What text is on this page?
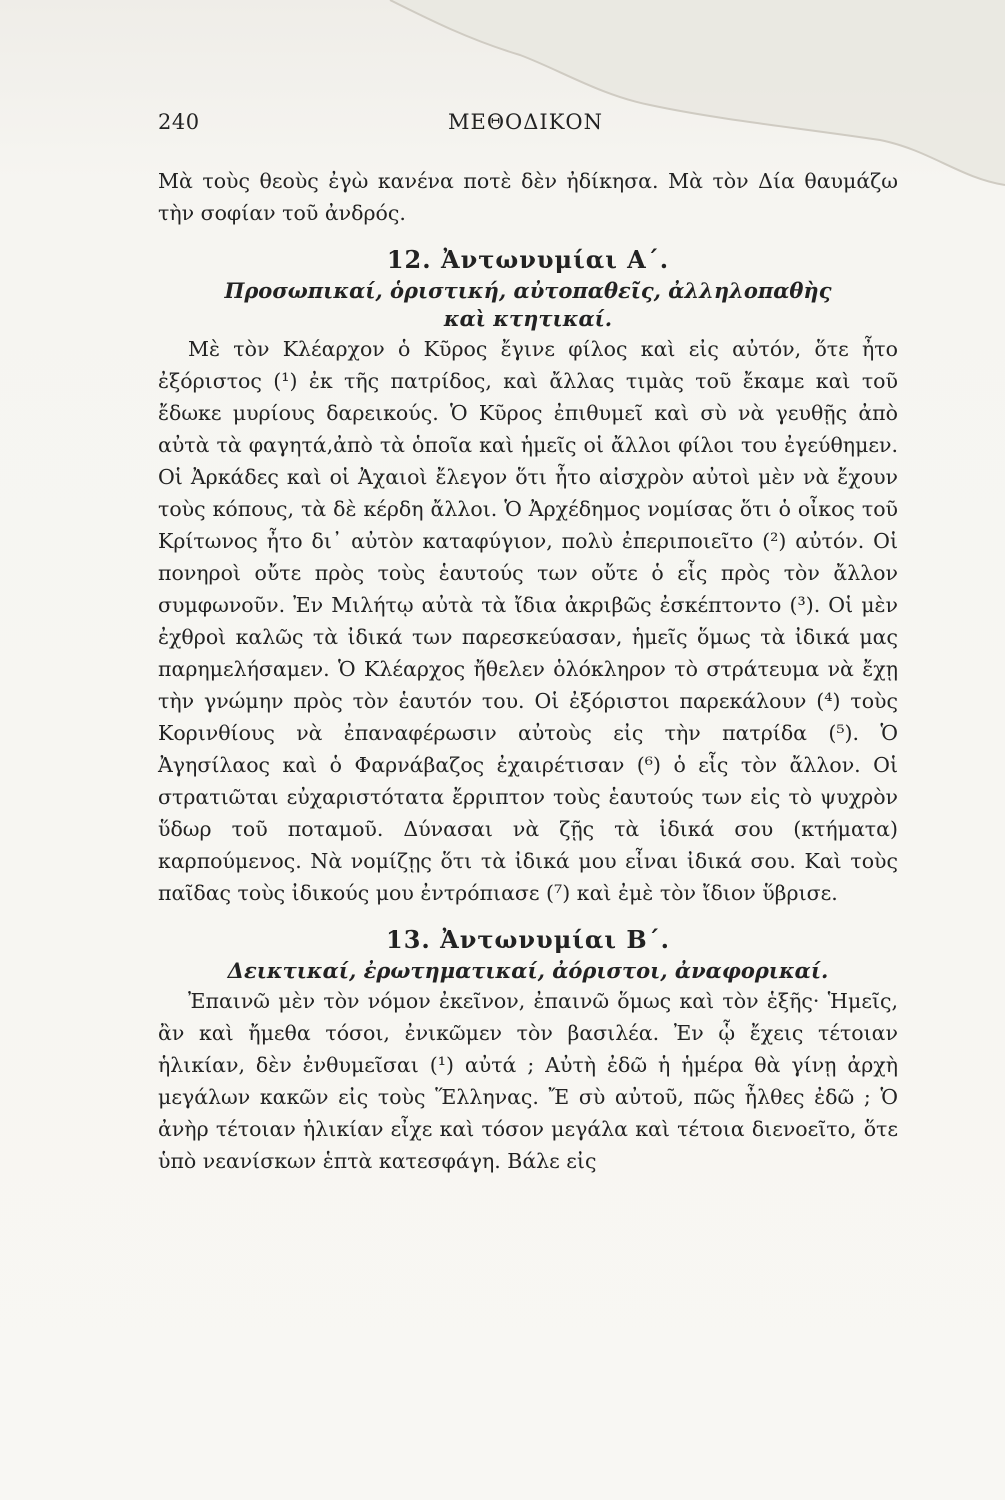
240	ΜΕΘΟΔΙΚΟΝ

Μὰ τοὺς θεοὺς ἐγὼ κανένα ποτὲ δὲν ἠδίκησα. Μὰ τὸν Δία θαυμάζω τὴν σοφίαν τοῦ ἀνδρός.

12. Ἀντωνυμίαι Α΄.
Προσωπικαί, ὁριστική, αὐτοπαθεῖς, ἀλληλοπαθὴς
καὶ κτητικαί.

Μὲ τὸν Κλέαρχον ὁ Κῦρος ἔγινε φίλος καὶ εἰς αὐτόν, ὅτε ἦτο ἐξόριστος (¹) ἐκ τῆς πατρίδος, καὶ ἄλλας τιμὰς τοῦ ἔκαμε καὶ τοῦ ἔδωκε μυρίους δαρεικούς. Ὁ Κῦρος ἐπιθυμεῖ καὶ σὺ νὰ γευθῇς ἀπὸ αὐτὰ τὰ φαγητά,ἀπὸ τὰ ὁποῖα καὶ ἡμεῖς οἱ ἄλλοι φίλοι του ἐγεύθημεν. Οἱ Ἀρκάδες καὶ οἱ Ἀχαιοὶ ἔλεγον ὅτι ἦτο αἰσχρὸν αὐτοὶ μὲν νὰ ἔχουν τοὺς κόπους, τὰ δὲ κέρδη ἄλλοι. Ὁ Ἀρχέδημος νομίσας ὅτι ὁ οἶκος τοῦ Κρίτωνος ἦτο δι᾽ αὐτὸν καταφύγιον, πολὺ ἐπεριποιεῖτο (²) αὐτόν. Οἱ πονηροὶ οὔτε πρὸς τοὺς ἑαυτούς των οὔτε ὁ εἷς πρὸς τὸν ἄλλον συμφωνοῦν. Ἐν Μιλήτῳ αὐτὰ τὰ ἴδια ἀκριβῶς ἐσκέπτοντο (³). Οἱ μὲν ἐχθροὶ καλῶς τὰ ἰδικά των παρεσκεύασαν, ἡμεῖς ὅμως τὰ ἰδικά μας παρημελήσαμεν. Ὁ Κλέαρχος ἤθελεν ὁλόκληρον τὸ στράτευμα νὰ ἔχῃ τὴν γνώμην πρὸς τὸν ἑαυτόν του. Οἱ ἐξόριστοι παρεκάλουν (⁴) τοὺς Κορινθίους νὰ ἐπαναφέρωσιν αὐτοὺς εἰς τὴν πατρίδα (⁵). Ὁ Ἀγησίλαος καὶ ὁ Φαρνάβαζος ἐχαιρέτισαν (⁶) ὁ εἷς τὸν ἄλλον. Οἱ στρατιῶται εὐχαριστότατα ἔρριπτον τοὺς ἑαυτούς των εἰς τὸ ψυχρὸν ὕδωρ τοῦ ποταμοῦ. Δύνασαι νὰ ζῇς τὰ ἰδικά σου (κτήματα) καρπούμενος. Νὰ νομίζῃς ὅτι τὰ ἰδικά μου εἶναι ἰδικά σου. Καὶ τοὺς παῖδας τοὺς ἰδικούς μου ἐντρόπιασε (⁷) καὶ ἐμὲ τὸν ἴδιον ὕβρισε.

13. Ἀντωνυμίαι Β΄.
Δεικτικαί, ἐρωτηματικαί, ἀόριστοι, ἀναφορικαί.

Ἐπαινῶ μὲν τὸν νόμον ἐκεῖνον, ἐπαινῶ ὅμως καὶ τὸν ἑξῆς· Ἡμεῖς, ἂν καὶ ἤμεθα τόσοι, ἐνικῶμεν τὸν βασιλέα. Ἐν ᾧ ἔχεις τέτοιαν ἡλικίαν, δὲν ἐνθυμεῖσαι (¹) αὐτά ; Αὐτὴ ἐδῶ ἡ ἡμέρα θὰ γίνῃ ἀρχὴ μεγάλων κακῶν εἰς τοὺς Ἕλληνας. Ἔ σὺ αὐτοῦ, πῶς ἦλθες ἐδῶ ; Ὁ ἀνὴρ τέτοιαν ἡλικίαν εἶχε καὶ τόσον μεγάλα καὶ τέτοια διενοεῖτο, ὅτε ὑπὸ νεανίσκων ἑπτὰ κατεσφάγη. Βάλε εἰς
